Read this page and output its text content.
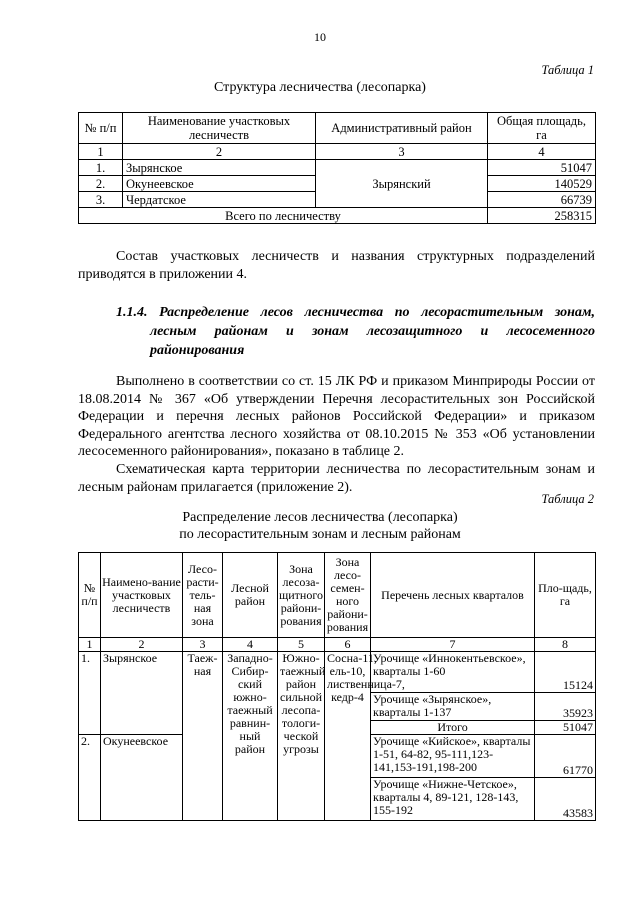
10
Таблица 1
Структура лесничества (лесопарка)
№ п/п	Наименование участковых лесничеств	Административный район	Общая площадь, га
1	2	3	4
1.	Зырянское	Зырянский	51047
2.	Окунеевское		140529
3.	Чердатское		66739
Всего по лесничеству			258315

Состав участковых лесничеств и названия структурных подразделений приводятся в приложении 4.

1.1.4. Распределение лесов лесничества по лесорастительным зонам,
лесным районам и зонам лесозащитного и лесосеменного
районирования

Выполнено в соответствии со ст. 15 ЛК РФ и приказом Минприроды России от 18.08.2014 № 367 «Об утверждении Перечня лесорастительных зон Российской Федерации и перечня лесных районов Российской Федерации» и приказом Федерального агентства лесного хозяйства от 08.10.2015 № 353 «Об установлении лесосеменного районирования», показано в таблице 2.

Схематическая карта территории лесничества по лесорастительным зонам и лесным районам прилагается (приложение 2).

Таблица 2
Распределение лесов лесничества (лесопарка)
по лесорастительным зонам и лесным районам
№ п/п	Наимено-вание участковых лесничеств	Лесо-расти-тель-ная зона	Лесной район	Зона лесоза-щитного райони-рования	Зона лесо-семен-ного райони-рования	Перечень лесных кварталов	Пло-щадь, га
1	2	3	4	5	6	7	8
1.	Зырянское	Таеж-ная	Западно-Сибир-ский южно-таежный равнин-ный район	Южно-таежный район сильной лесопа-тологи-ческой угрозы	Сосна-11, ель-10, лиственница-7, кедр-4	Урочище «Иннокентьевское», кварталы 1-60	15124
						Урочище «Зырянское», кварталы 1-137	35923
						Итого	51047
2.	Окунеевское					Урочище «Кийское», кварталы 1-51, 64-82, 95-111,123-141,153-191,198-200	61770
						Урочище «Нижне-Четское», кварталы 4, 89-121, 128-143, 155-192	43583
